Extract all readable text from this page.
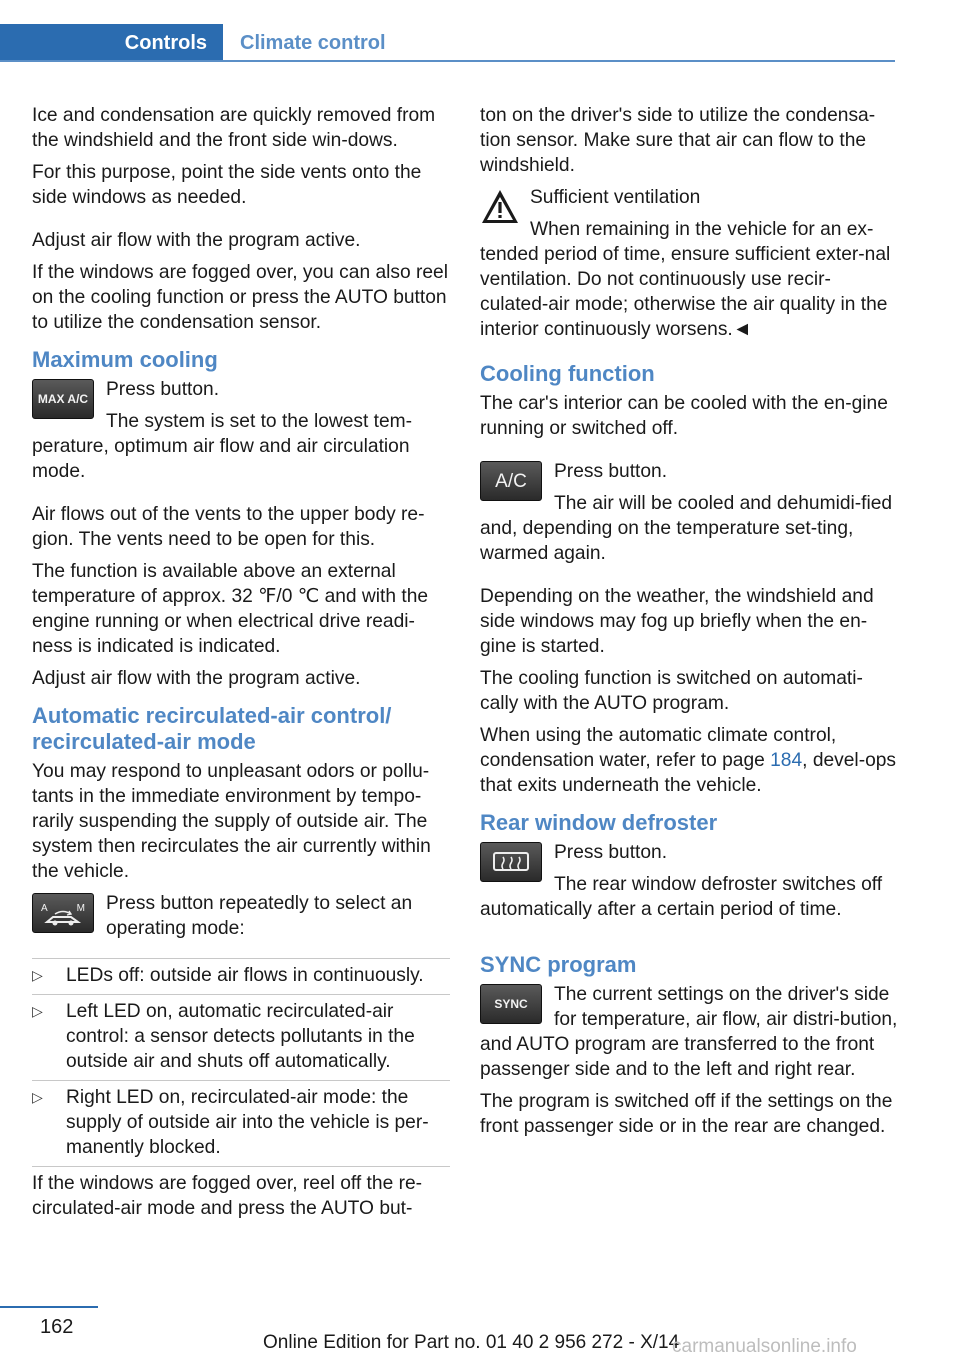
Controls Climate control

Ice and condensation are quickly removed from the windshield and the front side win-dows.

For this purpose, point the side vents onto the side windows as needed.

Adjust air flow with the program active.

If the windows are fogged over, you can also reel on the cooling function or press the AUTO button to utilize the condensation sensor.

Maximum cooling
MAX A/C Press button.

The system is set to the lowest tem-perature, optimum air flow and air circulation mode.

Air flows out of the vents to the upper body re-gion. The vents need to be open for this.

The function is available above an external temperature of approx. 32 ℉/0 ℃ and with the engine running or when electrical drive readi-ness is indicated is indicated.

Adjust air flow with the program active.

Automatic recirculated-air control/ recirculated-air mode

You may respond to unpleasant odors or pollu-tants in the immediate environment by tempo-rarily suspending the supply of outside air. The system then recirculates the air currently within the vehicle.

A	M	Press button repeatedly to select an operating mode:

▷ LEDs off: outside air flows in continuously.
▷ Left LED on, automatic recirculated-air control: a sensor detects pollutants in the outside air and shuts off automatically.
▷ Right LED on, recirculated-air mode: the supply of outside air into the vehicle is per-manently blocked.

If the windows are fogged over, reel off the re-circulated-air mode and press the AUTO but-

ton on the driver's side to utilize the condensa-tion sensor. Make sure that air can flow to the windshield.

Sufficient ventilation

When remaining in the vehicle for an ex-tended period of time, ensure sufficient exter-nal ventilation. Do not continuously use recir-culated-air mode; otherwise the air quality in the interior continuously worsens.◄

Cooling function

The car's interior can be cooled with the en-gine running or switched off.

A/C	Press button.

The air will be cooled and dehumidi-fied and, depending on the temperature set-ting, warmed again.

Depending on the weather, the windshield and side windows may fog up briefly when the en-gine is started.

The cooling function is switched on automati-cally with the AUTO program.

When using the automatic climate control, condensation water, refer to page 184, devel-ops that exits underneath the vehicle.

Rear window defroster

Press button.

The rear window defroster switches off automatically after a certain period of time.

SYNC program
SYNC	The current settings on the driver's side for temperature, air flow, air distri-bution, and AUTO program are transferred to the front passenger side and to the left and right rear.

The program is switched off if the settings on the front passenger side or in the rear are changed.

162
Online Edition for Part no. 01 40 2 956 272 - X/14
carmanualsonline.info
